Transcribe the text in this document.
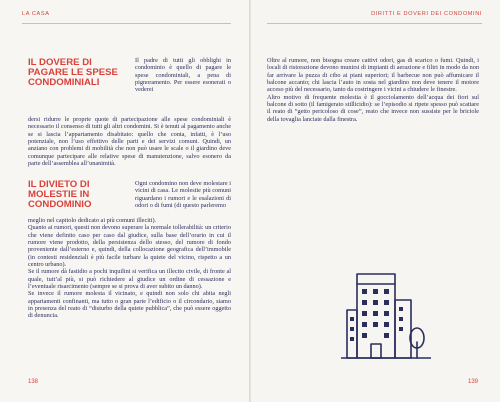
LA CASA
IL DOVERE DI PAGARE LE SPESE CONDOMINIALI

Il padre di tutti gli obblighi in condominio è quello di pagare le spese condominiali, a pena di pignoramento. Per essere esonerati o vederei

dersi ridurre le proprie quote di partecipazione alle spese condominiali è necessario il consenso di tutti gli altri condomini. Si è tenuti al pagamento anche se si lascia l’appartamento disabitato: quello che conta, infatti, è l’uso potenziale, non l’uso effettivo delle parti e dei servizi comuni. Quindi, un anziano con problemi di mobilità che non può usare le scale o il giardino deve comunque partecipare alle relative spese di manutenzione, salvo esonero da parte dell’assemblea all’unanimità.

IL DIVIETO DI MOLESTIE IN CONDOMINIO

Ogni condomino non deve molestare i vicini di casa. Le molestie più comuni riguardano i rumori e le esalazioni di odori o di fumi (di questo parleremo

meglio nel capitolo dedicato ai più comuni illeciti).

Quanto ai rumori, questi non devono superare la normale tollerabilità: un criterio che viene definito caso per caso dal giudice, sulla base dell’orario in cui il rumore viene prodotto, della persistenza dello stesso, del rumore di fondo proveniente dall’esterno e, quindi, della collocazione geografica dell’immobile (in contesti residenziali è più facile turbare la quiete del vicino, rispetto a un centro urbano).

Se il rumore dà fastidio a pochi inquilini si verifica un illecito civile, di fronte al quale, tutt’al più, si può richiedere al giudice un ordine di cessazione e l’eventuale risarcimento (sempre se si prova di aver subito un danno).

Se invece il rumore molesta il vicinato, e quindi non solo chi abita negli appartamenti confinanti, ma tutto o gran parte l’edificio o il circondario, siamo in presenza del reato di “disturbo della quiete pubblica”, che può essere oggetto di denuncia.

138
DIRITTI E DOVERI DEI CONDOMINI

Oltre al rumore, non bisogna creare cattivi odori, gas di scarico o fumi. Quindi, i locali di ristorazione devono munirsi di impianti di aerazione e filtri in modo da non far arrivare la puzza di cibo ai piani superiori; il barbecue non può affumicare il balcone accanto; chi lascia l’auto in sosta nel giardino non deve tenere il motore acceso più del necessario, tanto da costringere i vicini a chiudere le finestre.

Altro motivo di frequente molestia è il gocciolamento dell’acqua dei fiori sul balcone di sotto (il famigerato stillicidio): se l’episodio si ripete spesso può scattare il reato di “getto pericoloso di cose”, reato che invece non sussiste per le briciole della tovaglia lanciate dalla finestra.

139
